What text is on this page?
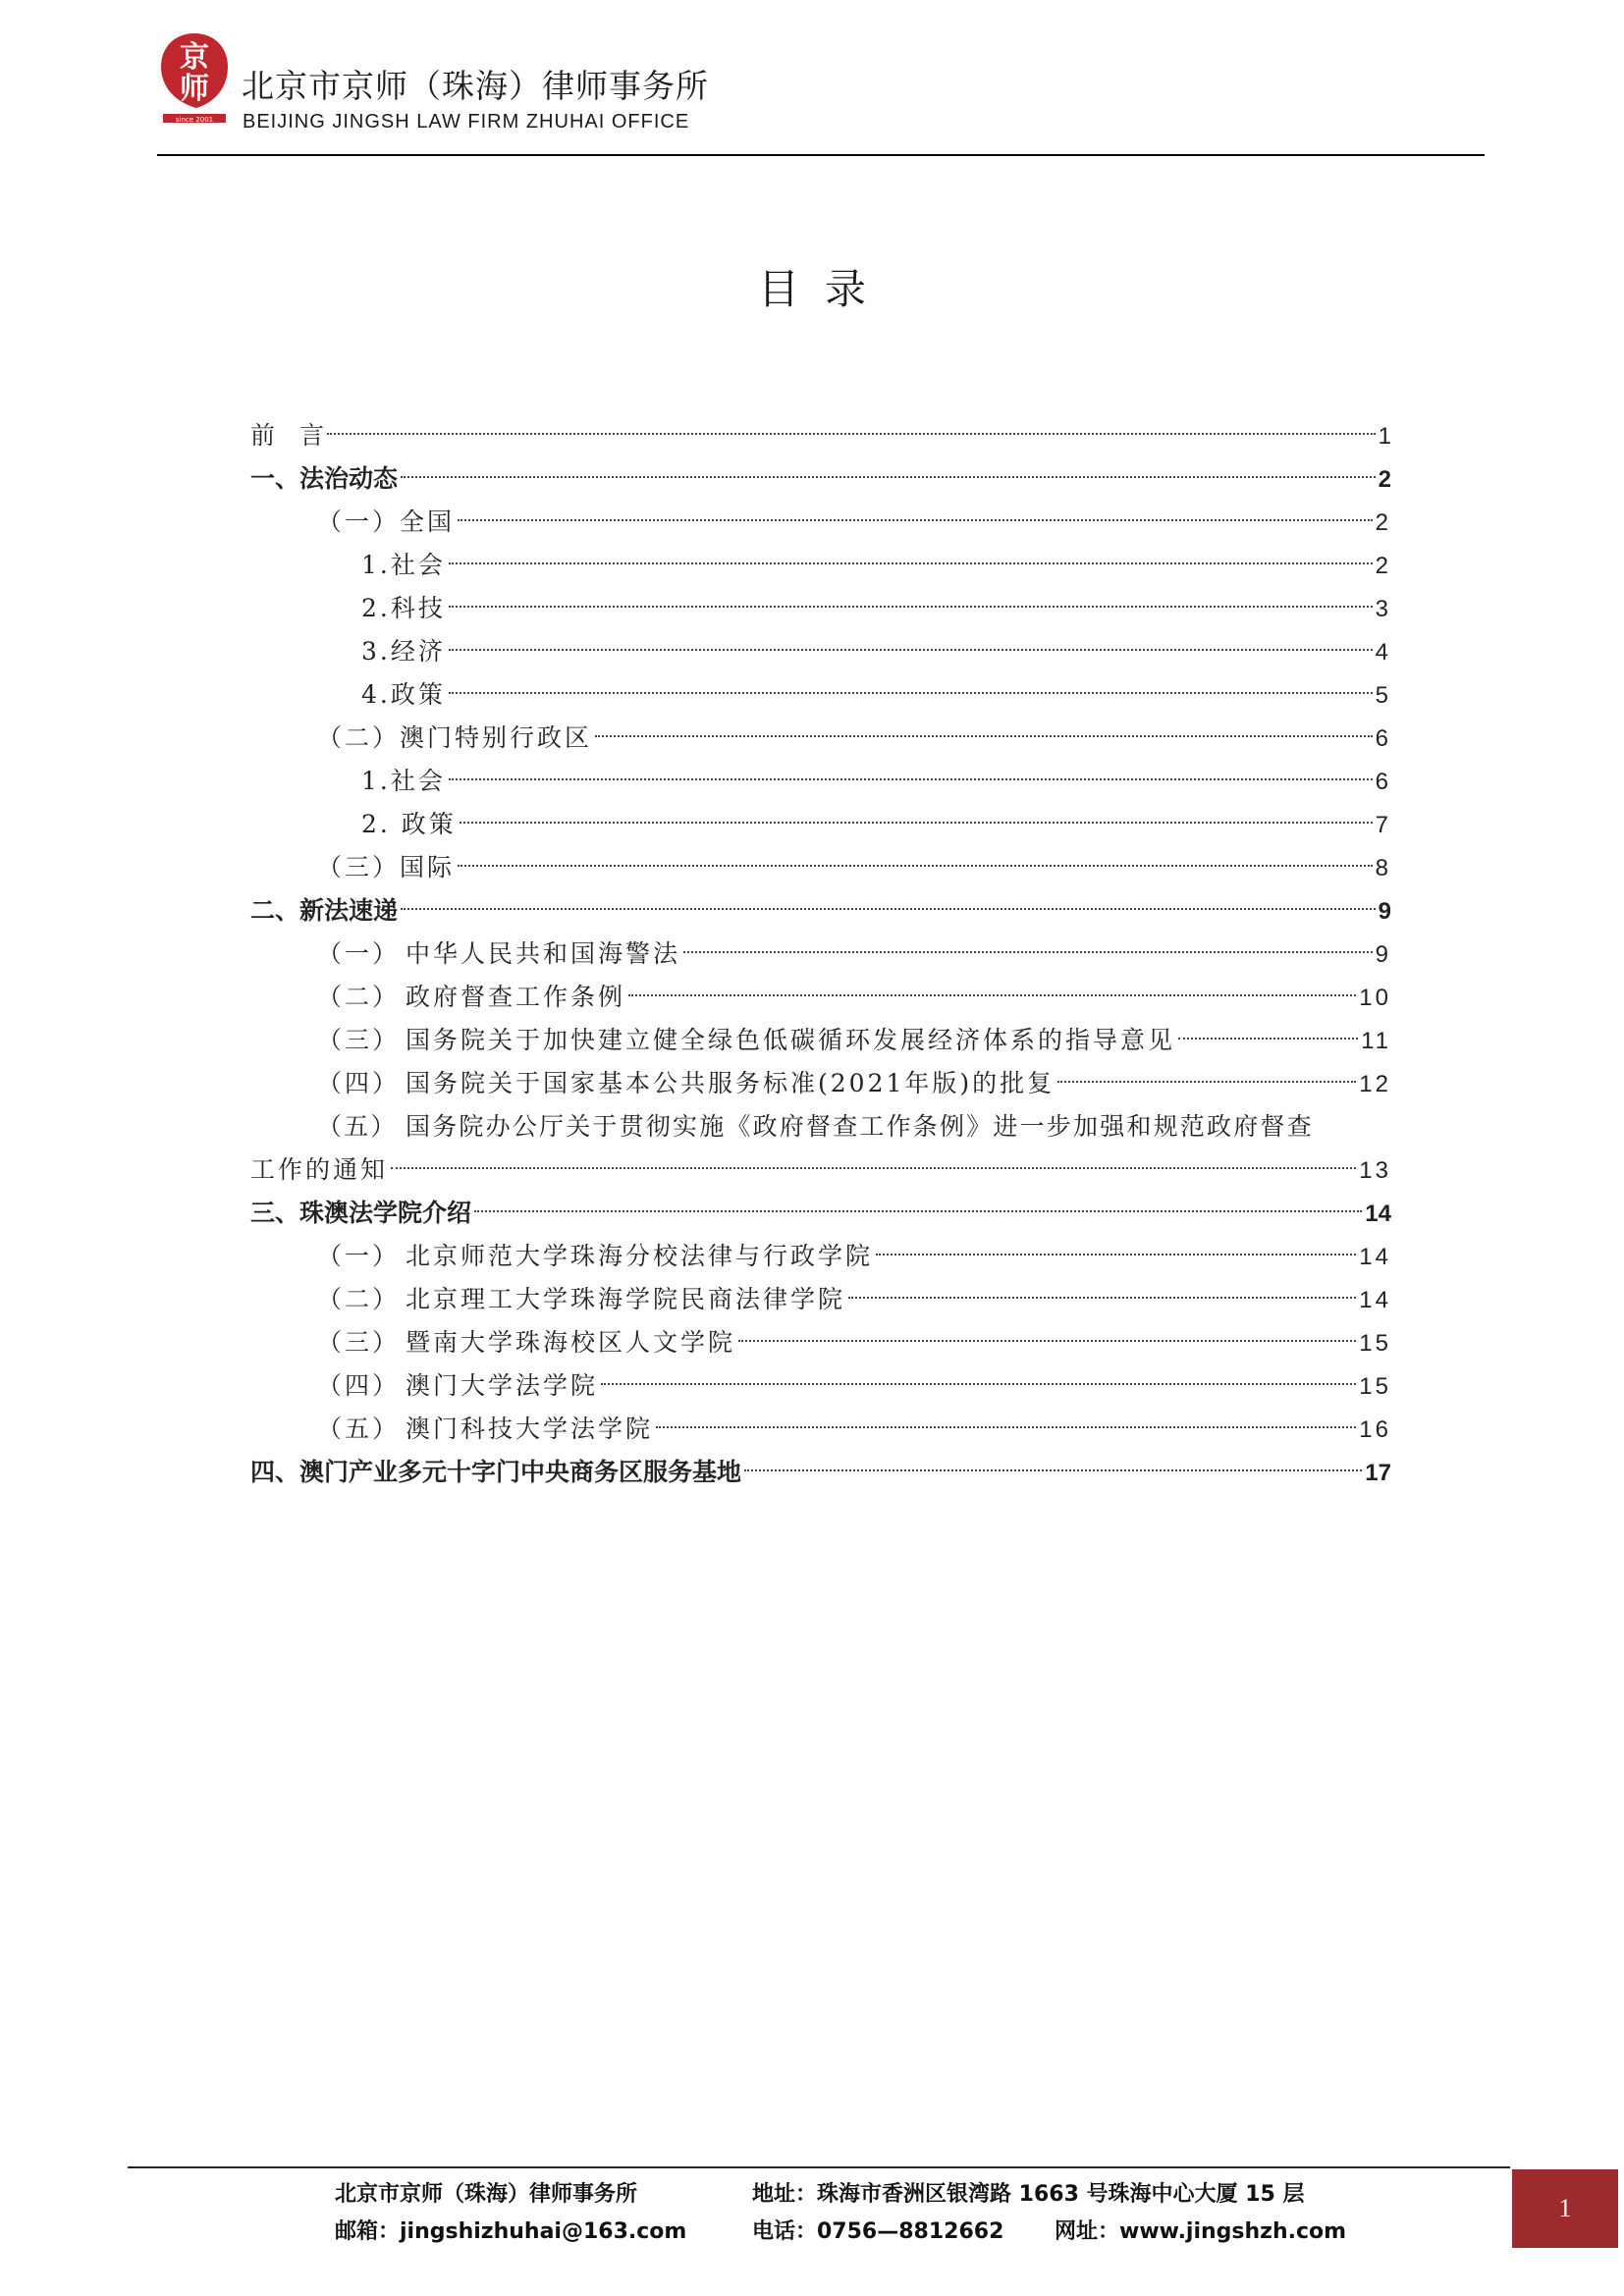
京
师
since 2001
北京市京师（珠海）律师事务所
BEIJING JINGSH LAW FIRM ZHUHAI OFFICE
目录
前　言	1
一、法治动态	2
（一）全国	2
1.社会	2
2.科技	3
3.经济	4
4.政策	5
（二）澳门特别行政区	6
1.社会	6
2. 政策	7
（三）国际	8
二、新法速递	9
（一） 中华人民共和国海警法	9
（二） 政府督查工作条例	10
（三） 国务院关于加快建立健全绿色低碳循环发展经济体系的指导意见	11
（四） 国务院关于国家基本公共服务标准(2021年版)的批复	12
（五） 国务院办公厅关于贯彻实施《政府督查工作条例》进一步加强和规范政府督查
工作的通知	13
三、珠澳法学院介绍	14
（一） 北京师范大学珠海分校法律与行政学院	14
（二） 北京理工大学珠海学院民商法律学院	14
（三） 暨南大学珠海校区人文学院	15
（四） 澳门大学法学院	15
（五） 澳门科技大学法学院	16
四、澳门产业多元十字门中央商务区服务基地	17
北京市京师（珠海）律师事务所	地址：珠海市香洲区银湾路 1663 号珠海中心大厦 15 层
邮箱：jingshizhuhai@163.com	电话：0756—8812662 网址：www.jingshzh.com
1
